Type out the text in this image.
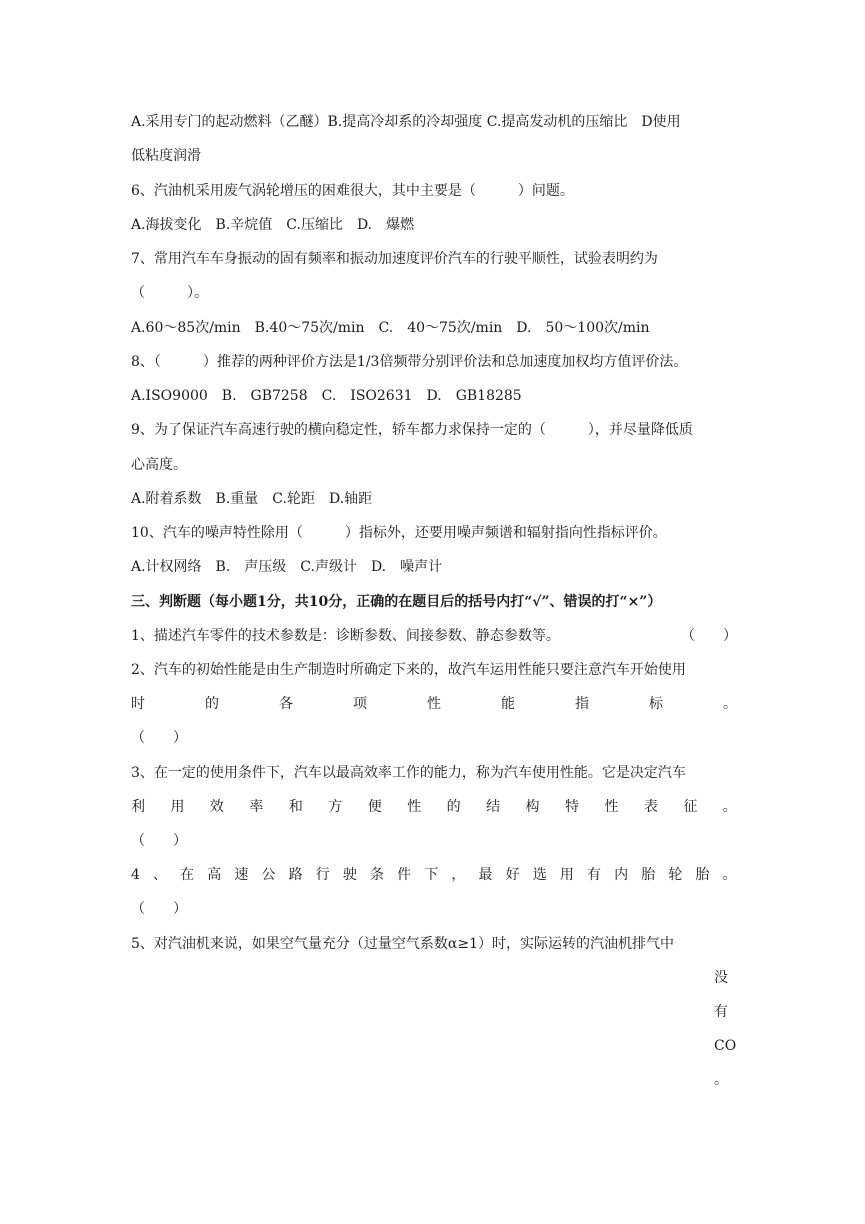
A.采用专门的起动燃料（乙醚）B.提高冷却系的冷却强度 C.提高发动机的压缩比　D使用
低粘度润滑
6、汽油机采用废气涡轮增压的困难很大，其中主要是（　　　）问题。
A.海拔变化　B.辛烷值　C.压缩比　D.　爆燃
7、常用汽车车身振动的固有频率和振动加速度评价汽车的行驶平顺性，试验表明约为
（　　　）。
A.60～85次/min　B.40～75次/min　C.　40～75次/min　D.　50～100次/min
8、（　　　）推荐的两种评价方法是1/3倍频带分别评价法和总加速度加权均方值评价法。
A.ISO9000　B.　GB7258　C.　ISO2631　D.　GB18285
9、为了保证汽车高速行驶的横向稳定性，轿车都力求保持一定的（　　　），并尽量降低质
心高度。
A.附着系数　B.重量　C.轮距　D.轴距
10、汽车的噪声特性除用（　　　）指标外，还要用噪声频谱和辐射指向性指标评价。
A.计权网络　B.　声压级　C.声级计　D.　噪声计
三、判断题（每小题1分，共10分，正确的在题目后的括号内打“√”、错误的打“×”）
1、描述汽车零件的技术参数是：诊断参数、间接参数、静态参数等。	（　　）
2、汽车的初始性能是由生产制造时所确定下来的，故汽车运用性能只要注意汽车开始使用
时	的	各	项	性	能	指	标	。
（　　）
3、在一定的使用条件下，汽车以最高效率工作的能力，称为汽车使用性能。它是决定汽车
利 用 效 率 和 方 便 性 的 结 构 特 性 表 征 。
（　　）
4 、 在 高 速 公 路 行 驶 条 件 下 ， 最 好 选 用 有 内 胎 轮 胎 。
（　　）
5、对汽油机来说，如果空气量充分（过量空气系数α≥1）时，实际运转的汽油机排气中
没
有
CO
。
